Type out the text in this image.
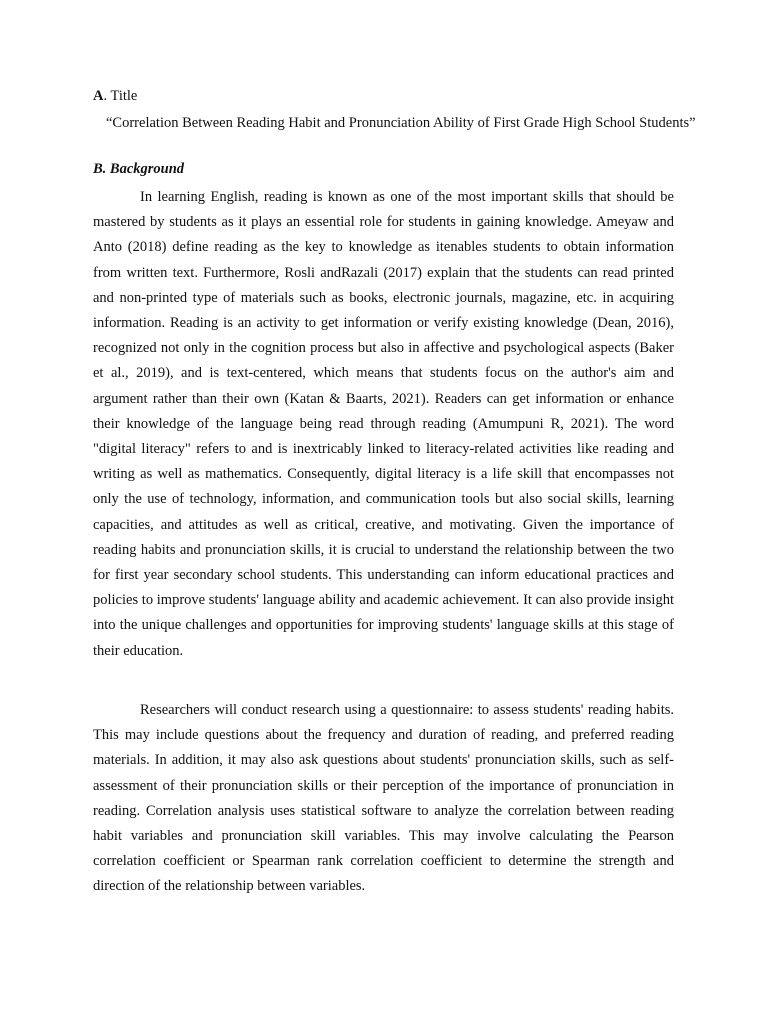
A. Title

“Correlation Between Reading Habit and Pronunciation Ability of First Grade High School Students”

B. Background

In learning English, reading is known as one of the most important skills that should be mastered by students as it plays an essential role for students in gaining knowledge. Ameyaw and Anto (2018) define reading as the key to knowledge as itenables students to obtain information from written text. Furthermore, Rosli andRazali (2017) explain that the students can read printed and non-printed type of materials such as books, electronic journals, magazine, etc. in acquiring information. Reading is an activity to get information or verify existing knowledge (Dean, 2016), recognized not only in the cognition process but also in affective and psychological aspects (Baker et al., 2019), and is text-centered, which means that students focus on the author's aim and argument rather than their own (Katan & Baarts, 2021). Readers can get information or enhance their knowledge of the language being read through reading (Amumpuni R, 2021). The word "digital literacy" refers to and is inextricably linked to literacy-related activities like reading and writing as well as mathematics. Consequently, digital literacy is a life skill that encompasses not only the use of technology, information, and communication tools but also social skills, learning capacities, and attitudes as well as critical, creative, and motivating. Given the importance of reading habits and pronunciation skills, it is crucial to understand the relationship between the two for first year secondary school students. This understanding can inform educational practices and policies to improve students' language ability and academic achievement. It can also provide insight into the unique challenges and opportunities for improving students' language skills at this stage of their education.

Researchers will conduct research using a questionnaire: to assess students' reading habits. This may include questions about the frequency and duration of reading, and preferred reading materials. In addition, it may also ask questions about students' pronunciation skills, such as self-assessment of their pronunciation skills or their perception of the importance of pronunciation in reading. Correlation analysis uses statistical software to analyze the correlation between reading habit variables and pronunciation skill variables. This may involve calculating the Pearson correlation coefficient or Spearman rank correlation coefficient to determine the strength and direction of the relationship between variables.
